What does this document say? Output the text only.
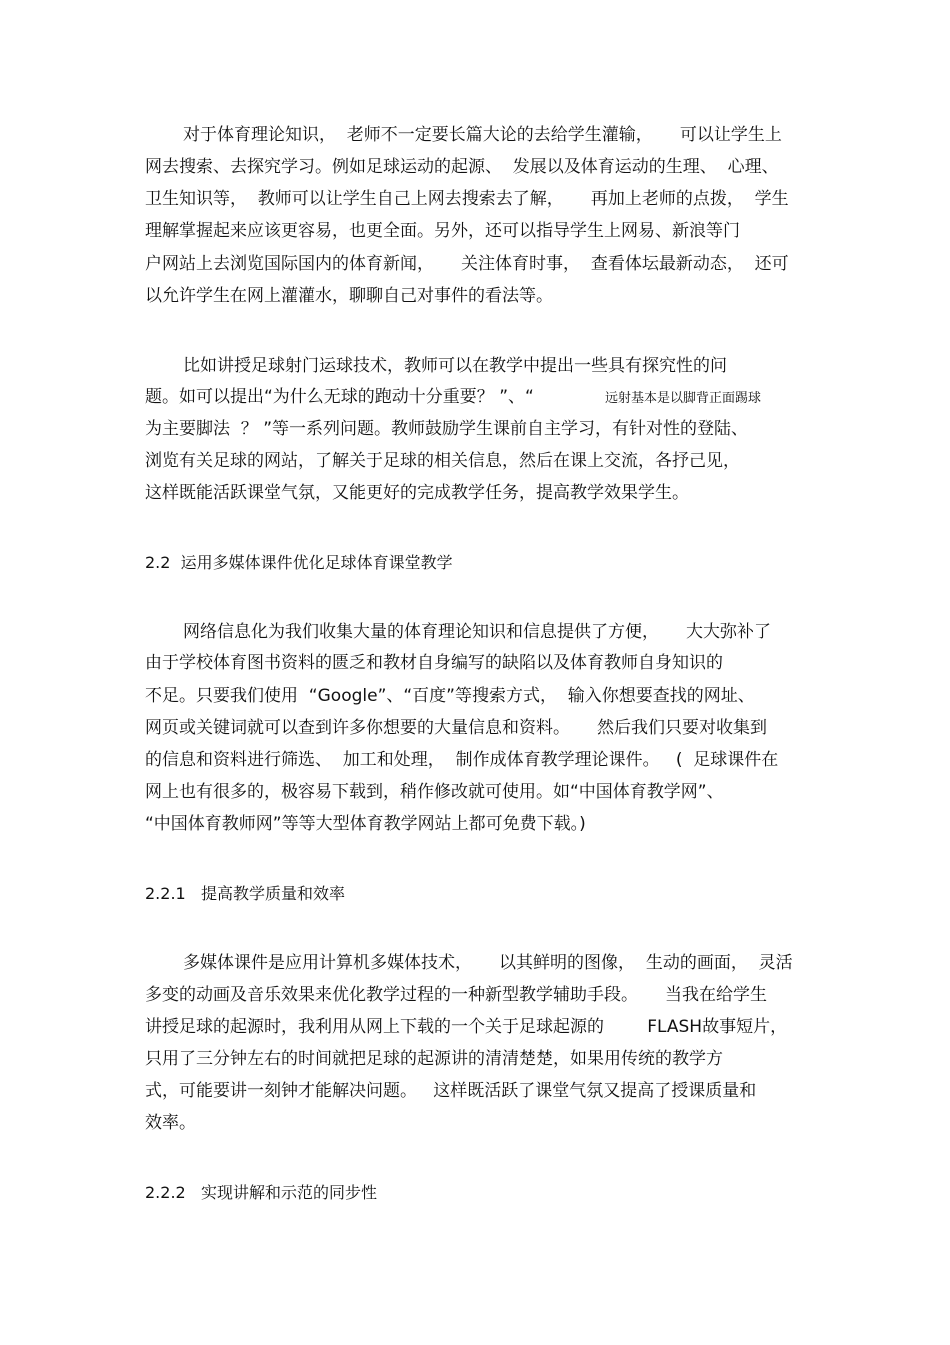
对于体育理论知识，  老师不一定要长篇大论的去给学生灌输，     可以让学生上
网去搜索、去探究学习。例如足球运动的起源、  发展以及体育运动的生理、  心理、
卫生知识等，  教师可以让学生自己上网去搜索去了解，     再加上老师的点拨，  学生
理解掌握起来应该更容易，也更全面。另外，还可以指导学生上网易、新浪等门
户网站上去浏览国际国内的体育新闻，     关注体育时事，  查看体坛最新动态，  还可
以允许学生在网上灌灌水，聊聊自己对事件的看法等。
比如讲授足球射门运球技术，教师可以在教学中提出一些具有探究性的问
题。如可以提出“为什么无球的跑动十分重要？ ”、“	远射基本是以脚背正面踢球
为主要脚法  ？ ”等一系列问题。教师鼓励学生课前自主学习，有针对性的登陆、
浏览有关足球的网站，了解关于足球的相关信息，然后在课上交流，各抒己见，
这样既能活跃课堂气氛，又能更好的完成教学任务，提高教学效果学生。
2.2  运用多媒体课件优化足球体育课堂教学
网络信息化为我们收集大量的体育理论知识和信息提供了方便，     大大弥补了
由于学校体育图书资料的匮乏和教材自身编写的缺陷以及体育教师自身知识的
不足。只要我们使用  “Google”、“百度”等搜索方式，  输入你想要查找的网址、
网页或关键词就可以查到许多你想要的大量信息和资料。     然后我们只要对收集到
的信息和资料进行筛选、  加工和处理，  制作成体育教学理论课件。   (  足球课件在
网上也有很多的，极容易下载到，稍作修改就可使用。如“中国体育教学网”、
“中国体育教师网”等等大型体育教学网站上都可免费下载。)
2.2.1   提高教学质量和效率
多媒体课件是应用计算机多媒体技术，     以其鲜明的图像，  生动的画面，  灵活
多变的动画及音乐效果来优化教学过程的一种新型教学辅助手段。     当我在给学生
讲授足球的起源时，我利用从网上下载的一个关于足球起源的        FLASH故事短片，
只用了三分钟左右的时间就把足球的起源讲的清清楚楚，如果用传统的教学方
式，可能要讲一刻钟才能解决问题。   这样既活跃了课堂气氛又提高了授课质量和
效率。
2.2.2   实现讲解和示范的同步性
